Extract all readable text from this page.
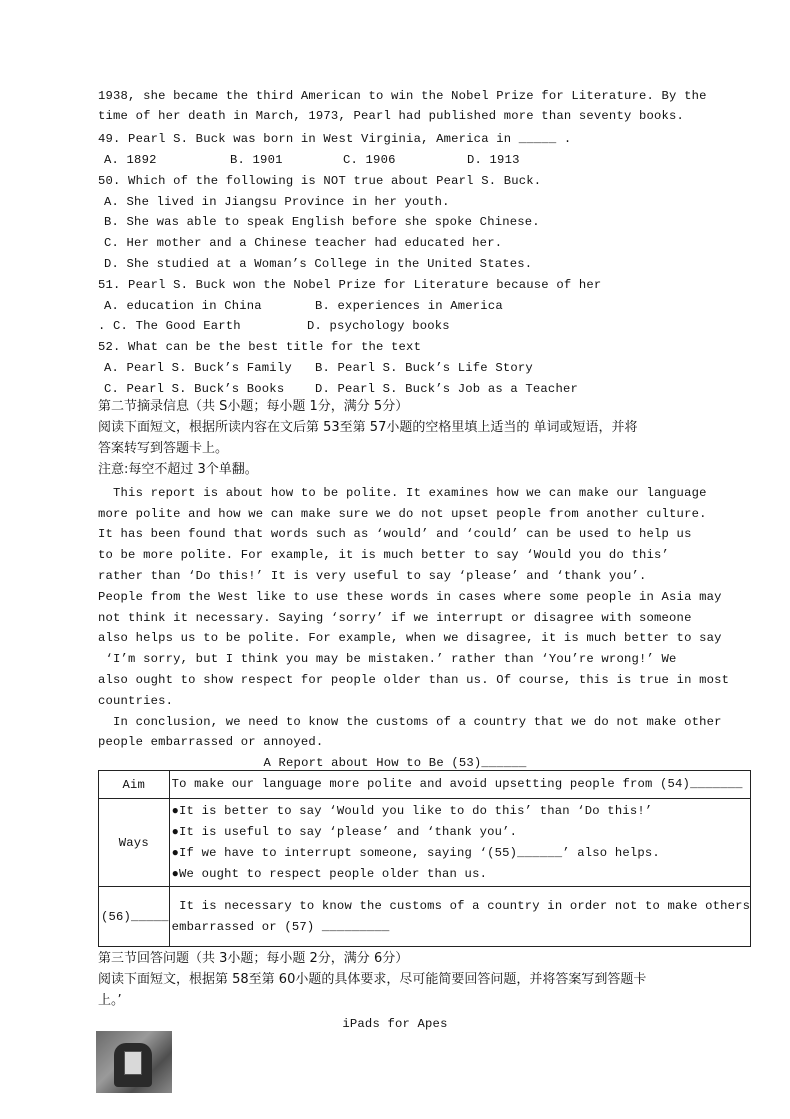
1938, she became the third American to win the Nobel Prize for Literature. By the
time of her death in March, 1973, Pearl had published more than seventy books.
49. Pearl S. Buck was born in West Virginia, America in _____ .
A. 1892	B. 1901	C. 1906	D. 1913
50. Which of the following is NOT true about Pearl S. Buck.
A. She lived in Jiangsu Province in her youth.
B. She was able to speak English before she spoke Chinese.
C. Her mother and a Chinese teacher had educated her.
D. She studied at a Woman’s College in the United States.
51. Pearl S. Buck won the Nobel Prize for Literature because of her
A. education in China	B. experiences in America
. C. The Good Earth	D. psychology books
52. What can be the best title for the text
A. Pearl S. Buck’s Family B. Pearl S. Buck’s Life Story
C. Pearl S. Buck’s Books	D. Pearl S. Buck’s Job as a Teacher
第二节摘录信息（共 S小题；每小题 1分，满分 5分）
阅读下面短文，根据所读内容在文后第 53至第 57小题的空格里填上适当的 单词或短语，并将
答案转写到答题卡上。
注意:每空不超过 3个单翻。
This report is about how to be polite. It examines how we can make our language
more polite and how we can make sure we do not upset people from another culture.
It has been found that words such as ‘would’ and ‘could’ can be used to help us
to be more polite. For example, it is much better to say ‘Would you do this’
rather than ‘Do this!’ It is very useful to say ‘please’ and ‘thank you’.
People from the West like to use these words in cases where some people in Asia may
not think it necessary. Saying ‘sorry’ if we interrupt or disagree with someone
also helps us to be polite. For example, when we disagree, it is much better to say
‘I’m sorry, but I think you may be mistaken.’ rather than ‘You’re wrong!’ We
also ought to show respect for people older than us. Of course, this is true in most
countries.
In conclusion, we need to know the customs of a country that we do not make other
people embarrassed or annoyed.
A Report about How to Be (53)______
Aim	To make our language more polite and avoid upsetting people from (54)_______

Ways	●It is better to say ‘Would you like to do this’ than ‘Do this!’
●It is useful to say ‘please’ and ‘thank you’.
●If we have to interrupt someone, saying ‘(55)______’ also helps.
●We ought to respect people older than us.

(56)_____	It is necessary to know the customs of a country in order not to make others
embarrassed or (57) _________
第三节回答问题（共 3小题；每小题 2分，满分 6分）
阅读下面短文，根据第 58至第 60小题的具体要求，尽可能简要回答问题，并将答案写到答题卡
上。’
iPads for Apes
